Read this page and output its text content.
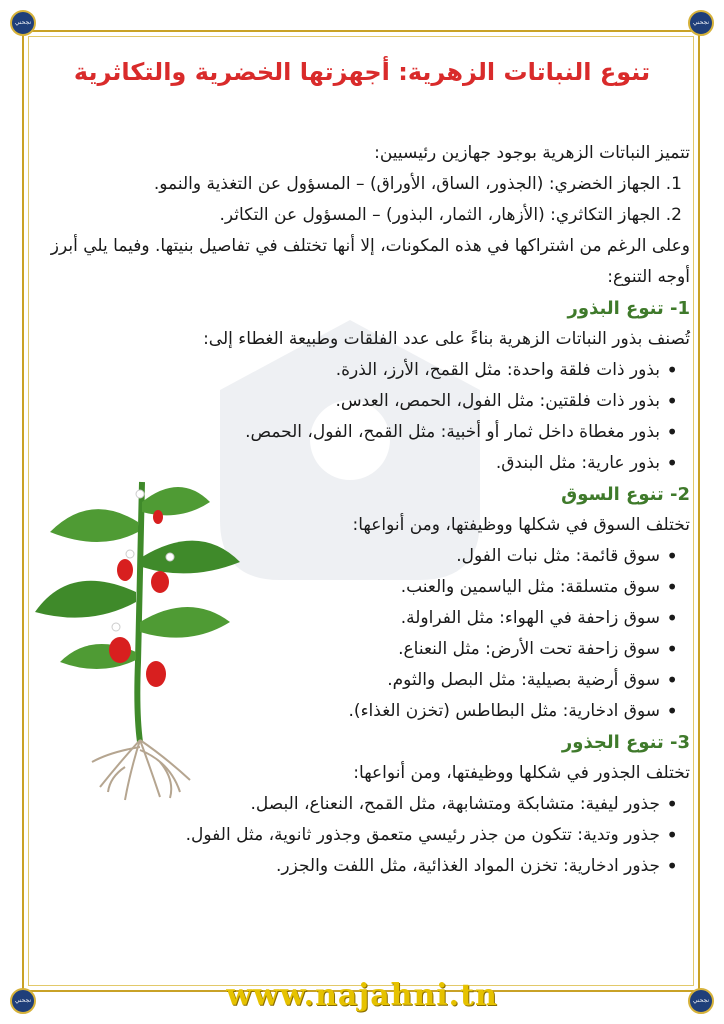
نجحني	نجحني
نجحني	نجحني
تنوع النباتات الزهرية: أجهزتها الخضرية والتكاثرية

تتميز النباتات الزهرية بوجود جهازين رئيسيين:

1. الجهاز الخضري: (الجذور، الساق، الأوراق) – المسؤول عن التغذية والنمو.

2. الجهاز التكاثري: (الأزهار، الثمار، البذور) – المسؤول عن التكاثر.

وعلى الرغم من اشتراكها في هذه المكونات، إلا أنها تختلف في تفاصيل بنيتها. وفيما يلي أبرز أوجه التنوع:

1- تنوع البذور

تُصنف بذور النباتات الزهرية بناءً على عدد الفلقات وطبيعة الغطاء إلى:

• بذور ذات فلقة واحدة: مثل القمح، الأرز، الذرة.
• بذور ذات فلقتين: مثل الفول، الحمص، العدس.
• بذور مغطاة داخل ثمار أو أخبية: مثل القمح، الفول، الحمص.
• بذور عارية: مثل البندق.

2- تنوع السوق

تختلف السوق في شكلها ووظيفتها، ومن أنواعها:

• سوق قائمة: مثل نبات الفول.
• سوق متسلقة: مثل الياسمين والعنب.
• سوق زاحفة في الهواء: مثل الفراولة.
• سوق زاحفة تحت الأرض: مثل النعناع.
• سوق أرضية بصيلية: مثل البصل والثوم.
• سوق ادخارية: مثل البطاطس (تخزن الغذاء).

3- تنوع الجذور

تختلف الجذور في شكلها ووظيفتها، ومن أنواعها:

• جذور ليفية: متشابكة ومتشابهة، مثل القمح، النعناع، البصل.
• جذور وتدية: تتكون من جذر رئيسي متعمق وجذور ثانوية، مثل الفول.
• جذور ادخارية: تخزن المواد الغذائية، مثل اللفت والجزر.
www.najahni.tn
